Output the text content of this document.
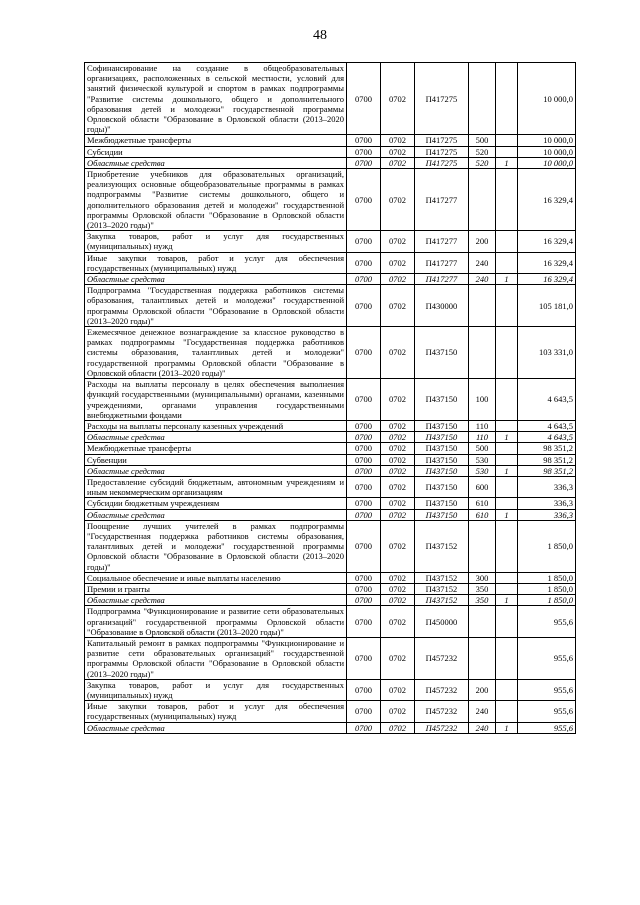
48
Софинансирование на создание в общеобразовательных организациях, расположенных в сельской местности, условий для занятий физической культурой и спортом в рамках подпрограммы "Развитие системы дошкольного, общего и дополнительного образования детей и молодежи" государственной программы Орловской области "Образование в Орловской области (2013–2020 годы)"	0700	0702	П417275			10 000,0
Межбюджетные трансферты	0700	0702	П417275	500		10 000,0
Субсидии	0700	0702	П417275	520		10 000,0
Областные средства	0700	0702	П417275	520	1	10 000,0
Приобретение учебников для образовательных организаций, реализующих основные общеобразовательные программы в рамках подпрограммы "Развитие системы дошкольного, общего и дополнительного образования детей и молодежи" государственной программы Орловской области "Образование в Орловской области (2013–2020 годы)"	0700	0702	П417277			16 329,4
Закупка товаров, работ и услуг для государственных (муниципальных) нужд	0700	0702	П417277	200		16 329,4
Иные закупки товаров, работ и услуг для обеспечения государственных (муниципальных) нужд	0700	0702	П417277	240		16 329,4
Областные средства	0700	0702	П417277	240	1	16 329,4
Подпрограмма "Государственная поддержка работников системы образования, талантливых детей и молодежи" государственной программы Орловской области "Образование в Орловской области (2013–2020 годы)"	0700	0702	П430000			105 181,0
Ежемесячное денежное вознаграждение за классное руководство в рамках подпрограммы "Государственная поддержка работников системы образования, талантливых детей и молодежи" государственной программы Орловской области "Образование в Орловской области (2013–2020 годы)"	0700	0702	П437150			103 331,0
Расходы на выплаты персоналу в целях обеспечения выполнения функций государственными (муниципальными) органами, казенными учреждениями, органами управления государственными внебюджетными фондами	0700	0702	П437150	100		4 643,5
Расходы на выплаты персоналу казенных учреждений	0700	0702	П437150	110		4 643,5
Областные средства	0700	0702	П437150	110	1	4 643,5
Межбюджетные трансферты	0700	0702	П437150	500		98 351,2
Субвенции	0700	0702	П437150	530		98 351,2
Областные средства	0700	0702	П437150	530	1	98 351,2
Предоставление субсидий бюджетным, автономным учреждениям и иным некоммерческим организациям	0700	0702	П437150	600		336,3
Субсидии бюджетным учреждениям	0700	0702	П437150	610		336,3
Областные средства	0700	0702	П437150	610	1	336,3
Поощрение лучших учителей в рамках подпрограммы "Государственная поддержка работников системы образования, талантливых детей и молодежи" государственной программы Орловской области "Образование в Орловской области (2013–2020 годы)"	0700	0702	П437152			1 850,0
Социальное обеспечение и иные выплаты населению	0700	0702	П437152	300		1 850,0
Премии и гранты	0700	0702	П437152	350		1 850,0
Областные средства	0700	0702	П437152	350	1	1 850,0
Подпрограмма "Функционирование и развитие сети образовательных организаций" государственной программы Орловской области "Образование в Орловской области (2013–2020 годы)"	0700	0702	П450000			955,6
Капитальный ремонт в рамках подпрограммы "Функционирование и развитие сети образовательных организаций" государственной программы Орловской области "Образование в Орловской области (2013–2020 годы)"	0700	0702	П457232			955,6
Закупка товаров, работ и услуг для государственных (муниципальных) нужд	0700	0702	П457232	200		955,6
Иные закупки товаров, работ и услуг для обеспечения государственных (муниципальных) нужд	0700	0702	П457232	240		955,6
Областные средства	0700	0702	П457232	240	1	955,6
